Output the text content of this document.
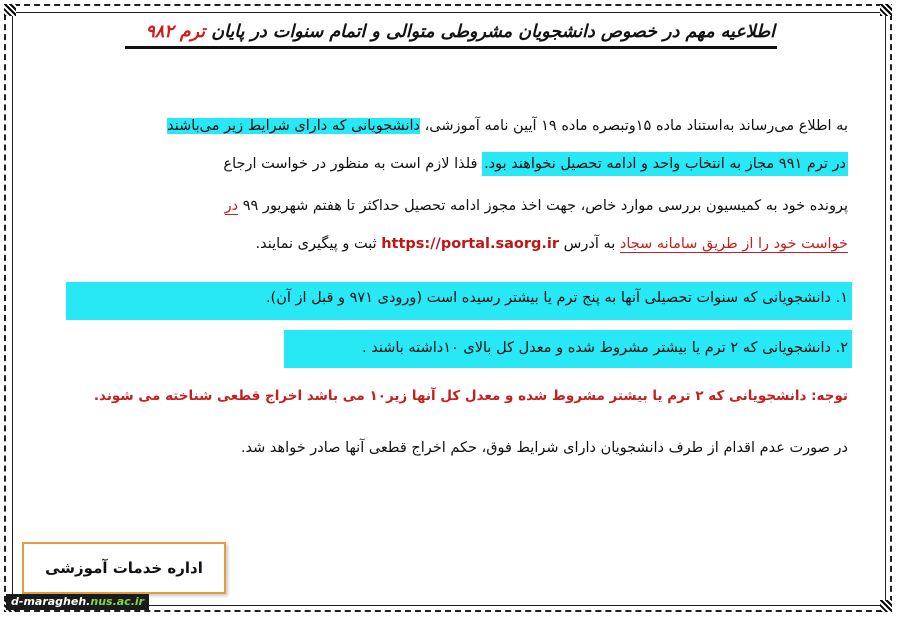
اطلاعیه مهم در خصوص دانشجویان مشروطی متوالی و اتمام سنوات در پایان ترم ۹۸۲
به اطلاع می‌رساند به‌استناد ماده ۱۵وتبصره ماده ۱۹ آیین نامه آموزشی، دانشجویانی که دارای شرایط زیر می‌باشند
در ترم ۹۹۱ مجاز به انتخاب واحد و ادامه تحصیل نخواهند بود. فلذا لازم است به منظور در خواست ارجاع
پرونده خود به کمیسیون بررسی موارد خاص، جهت اخذ مجوز ادامه تحصیل حداکثر تا هفتم شهریور ۹۹ در
خواست خود را از طریق سامانه سجاد به آدرس https://portal.saorg.ir ثبت و پیگیری نمایند.
۱. دانشجویانی که سنوات تحصیلی آنها به پنج ترم یا بیشتر رسیده است (ورودی ۹۷۱ و قبل از آن).
۲. دانشجویانی که ۲ ترم یا بیشتر مشروط شده و معدل کل بالای ۱۰داشته باشند .
توجه: دانشجویانی که ۲ ترم یا بیشتر مشروط شده و معدل کل آنها زیر۱۰ می باشد اخراج قطعی شناخته می شوند.
در صورت عدم اقدام از طرف دانشجویان دارای شرایط فوق، حکم اخراج قطعی آنها صادر خواهد شد.
اداره خدمات آموزشی
d-maragheh.nus.ac.ir
